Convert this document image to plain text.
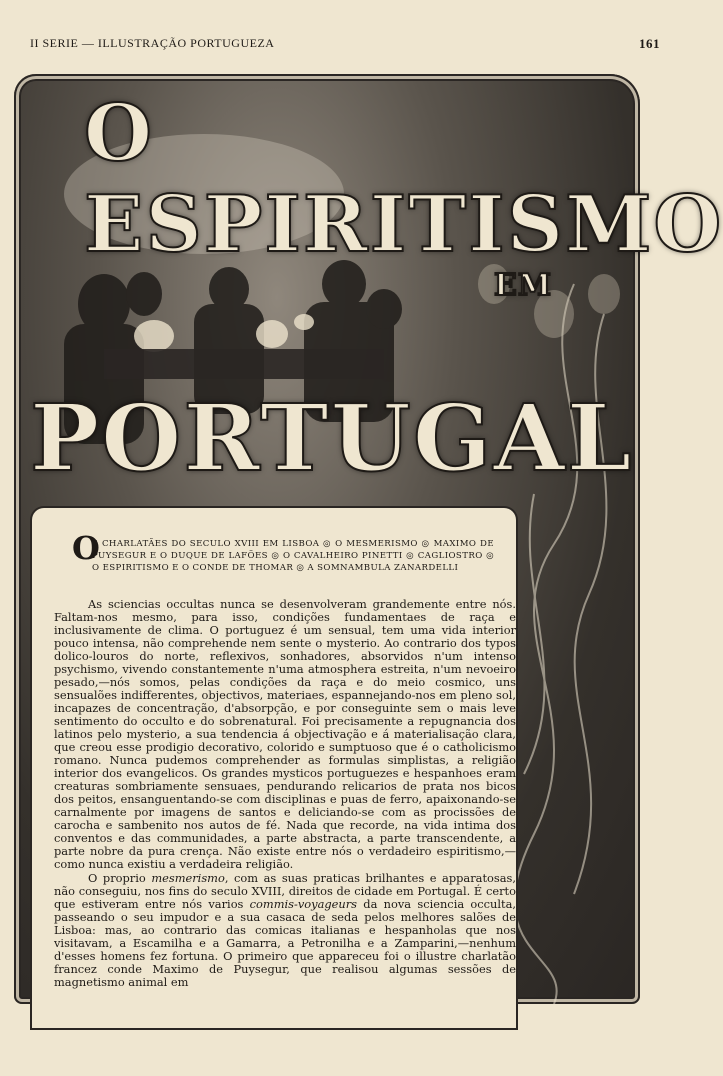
II SERIE — ILLUSTRAÇÃO PORTUGUEZA	161
O ESPIRITISMO
EM
PORTUGAL
O
S CHARLATÃES DO SECULO XVIII EM LISBOA ◎ O MESMERISMO ◎ MAXIMO DE PUYSEGUR E O DUQUE DE LAFÕES ◎ O CAVALHEIRO PINETTI ◎ CAGLIOSTRO ◎ O ESPIRITISMO E O CONDE DE THOMAR ◎ A SOMNAMBULA ZANARDELLI

As sciencias occultas nunca se desenvolveram grandemente entre nós. Faltam-nos mesmo, para isso, condições fundamentaes de raça e inclusivamente de clima. O portuguez é um sensual, tem uma vida interior pouco intensa, não comprehende nem sente o mysterio. Ao contrario dos typos dolico-louros do norte, reflexivos, sonhadores, absorvidos n'um intenso psychismo, vivendo constantemente n'uma atmosphera estreita, n'um nevoeiro pesado,—nós somos, pelas condições da raça e do meio cosmico, uns sensualões indifferentes, objectivos, materiaes, espannejando-nos em pleno sol, incapazes de concentração, d'absorpção, e por conseguinte sem o mais leve sentimento do occulto e do sobrenatural. Foi precisamente a repugnancia dos latinos pelo mysterio, a sua tendencia á objectivação e á materialisação clara, que creou esse prodigio decorativo, colorido e sumptuoso que é o catholicismo romano. Nunca pudemos comprehender as formulas simplistas, a religião interior dos evangelicos. Os grandes mysticos portuguezes e hespanhoes eram creaturas sombriamente sensuaes, pendurando relicarios de prata nos bicos dos peitos, ensanguentando-se com disciplinas e puas de ferro, apaixonando-se carnalmente por imagens de santos e deliciando-se com as procissões de carocha e sambenito nos autos de fé. Nada que recorde, na vida intima dos conventos e das communidades, a parte abstracta, a parte transcendente, a parte nobre da pura crença. Não existe entre nós o verdadeiro espiritismo,—como nunca existiu a verdadeira religião.

O proprio mesmerismo, com as suas praticas brilhantes e apparatosas, não conseguiu, nos fins do seculo XVIII, direitos de cidade em Portugal. É certo que estiveram entre nós varios commis-voyageurs da nova sciencia occulta, passeando o seu impudor e a sua casaca de seda pelos melhores salões de Lisboa: mas, ao contrario das comicas italianas e hespanholas que nos visitavam, a Escamilha e a Gamarra, a Petronilha e a Zamparini,—nenhum d'esses homens fez fortuna. O primeiro que appareceu foi o illustre charlatão francez conde Maximo de Puysegur, que realisou algumas sessões de magnetismo animal em
